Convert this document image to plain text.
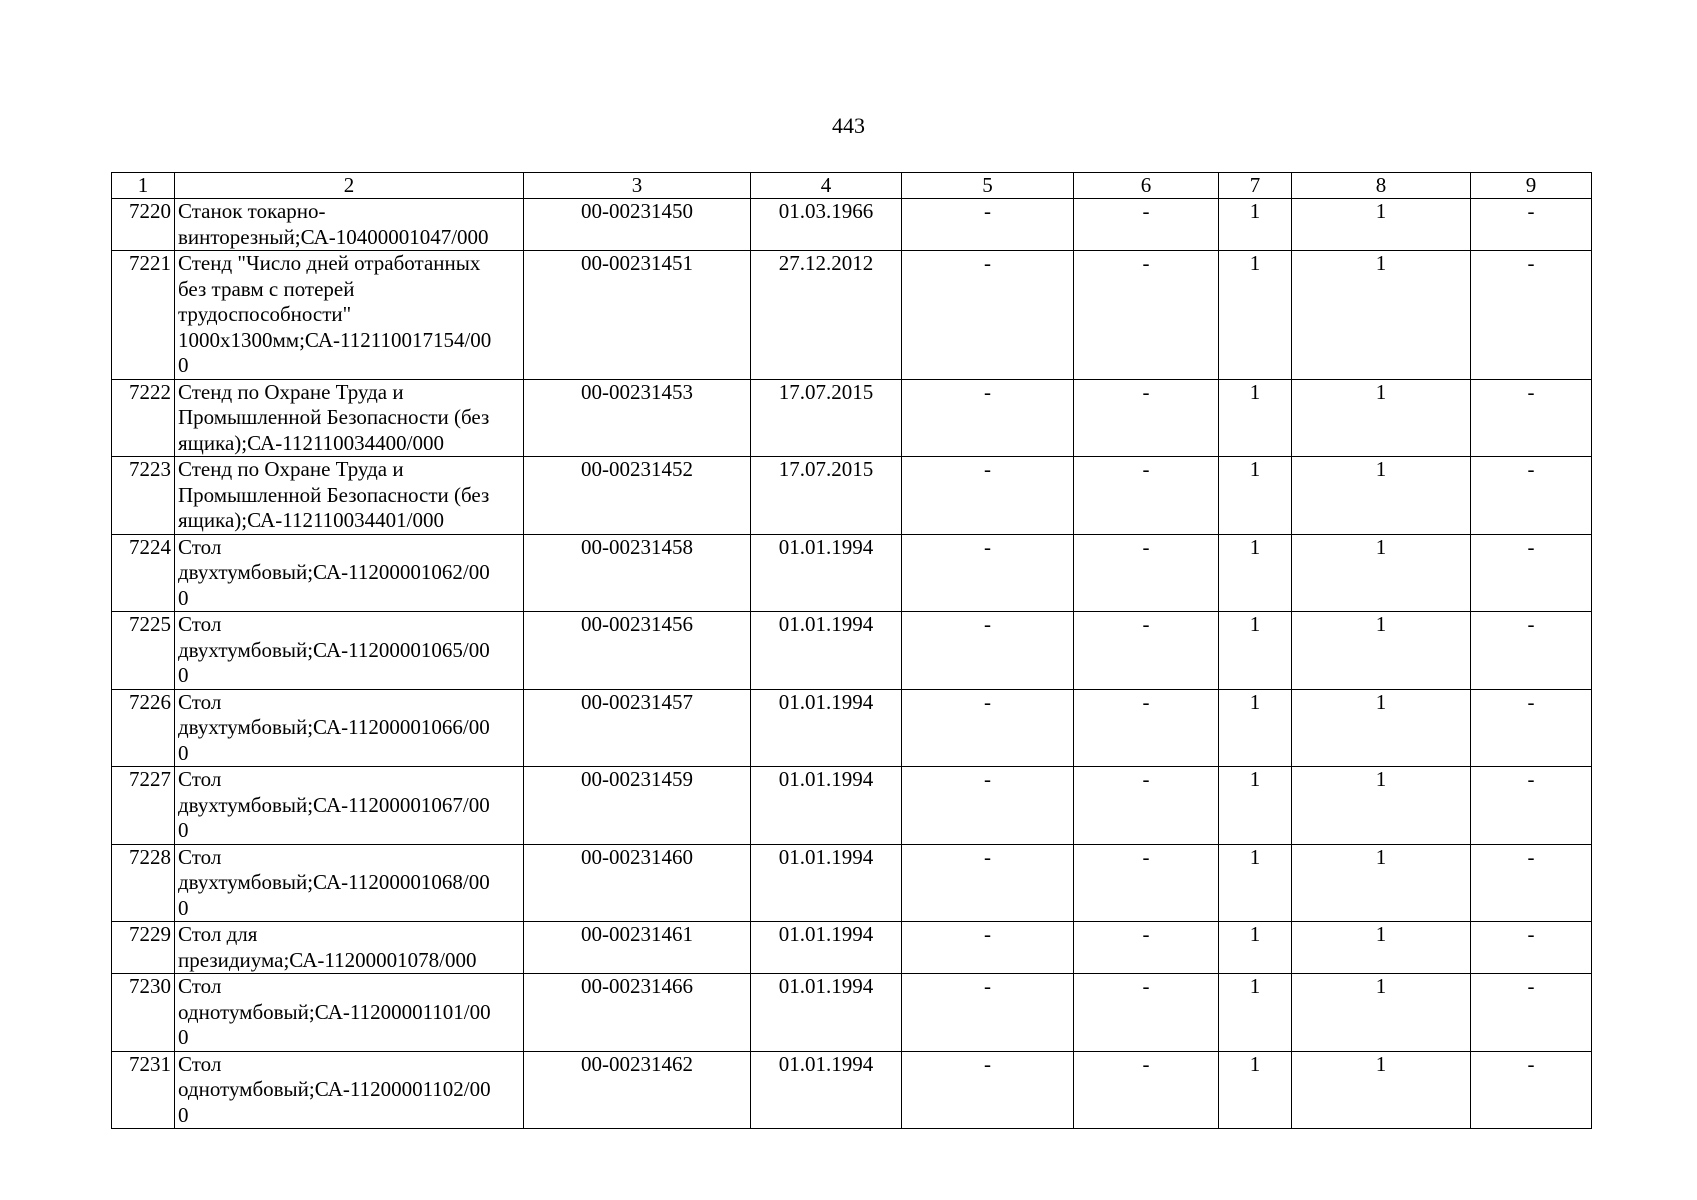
443
1	2	3	4	5	6	7	8	9
7220	Станок токарно-
винторезный;СА-10400001047/000	00-00231450	01.03.1966	-	-	1	1	-
7221	Стенд "Число дней отработанных
без травм с потерей
трудоспособности"
1000х1300мм;СА-112110017154/00
0	00-00231451	27.12.2012	-	-	1	1	-
7222	Стенд по Охране Труда и
Промышленной Безопасности (без
ящика);СА-112110034400/000	00-00231453	17.07.2015	-	-	1	1	-
7223	Стенд по Охране Труда и
Промышленной Безопасности (без
ящика);СА-112110034401/000	00-00231452	17.07.2015	-	-	1	1	-
7224	Стол
двухтумбовый;СА-11200001062/00
0	00-00231458	01.01.1994	-	-	1	1	-
7225	Стол
двухтумбовый;СА-11200001065/00
0	00-00231456	01.01.1994	-	-	1	1	-
7226	Стол
двухтумбовый;СА-11200001066/00
0	00-00231457	01.01.1994	-	-	1	1	-
7227	Стол
двухтумбовый;СА-11200001067/00
0	00-00231459	01.01.1994	-	-	1	1	-
7228	Стол
двухтумбовый;СА-11200001068/00
0	00-00231460	01.01.1994	-	-	1	1	-
7229	Стол для
президиума;СА-11200001078/000	00-00231461	01.01.1994	-	-	1	1	-
7230	Стол
однотумбовый;СА-11200001101/00
0	00-00231466	01.01.1994	-	-	1	1	-
7231	Стол
однотумбовый;СА-11200001102/00
0	00-00231462	01.01.1994	-	-	1	1	-
